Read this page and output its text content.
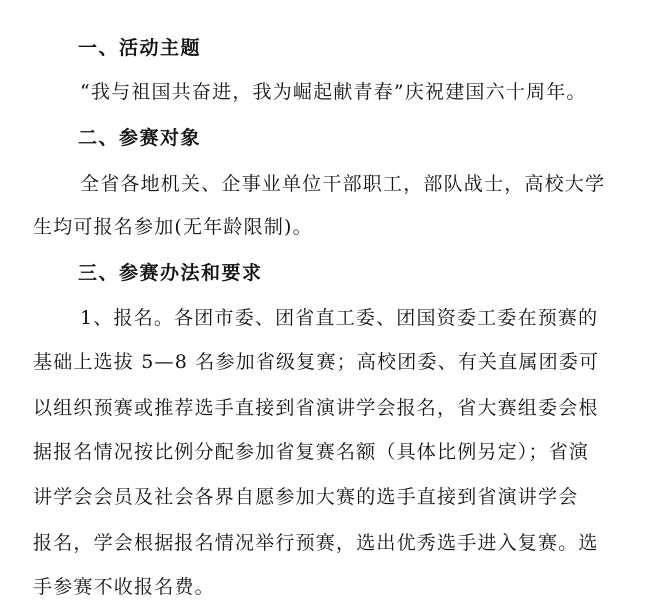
一、活动主题
“我与祖国共奋进，我为崛起献青春”庆祝建国六十周年。
二、参赛对象
全省各地机关、企事业单位干部职工，部队战士，高校大学
生均可报名参加(无年龄限制)。
三、参赛办法和要求
1、报名。各团市委、团省直工委、团国资委工委在预赛的
基础上选拔 5—8 名参加省级复赛；高校团委、有关直属团委可
以组织预赛或推荐选手直接到省演讲学会报名，省大赛组委会根
据报名情况按比例分配参加省复赛名额（具体比例另定）；省演
讲学会会员及社会各界自愿参加大赛的选手直接到省演讲学会
报名，学会根据报名情况举行预赛，选出优秀选手进入复赛。选
手参赛不收报名费。
